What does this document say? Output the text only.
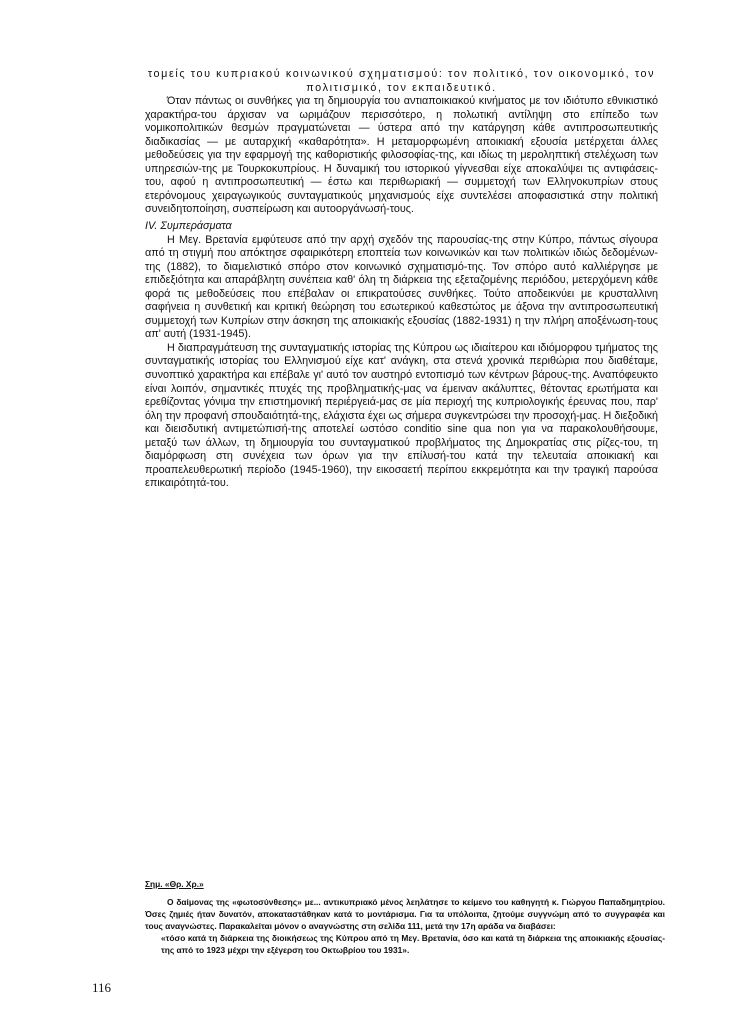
τομείς του κυπριακού κοινωνικού σχηματισμού: τον πολιτικό, τον οικονομικό, τον πολιτισμικό, τον εκπαιδευτικό.

Όταν πάντως οι συνθήκες για τη δημιουργία του αντιαποικιακού κινήματος με τον ιδιότυπο εθνικιστικό χαρακτήρα-του άρχισαν να ωριμάζουν περισσότερο, η πολωτική αντίληψη στο επίπεδο των νομικοπολιτικών θεσμών πραγματώνεται — ύστερα από την κατάργηση κάθε αντιπροσωπευτικής διαδικασίας — με αυταρχική «καθαρότητα». Η μεταμορφωμένη αποικιακή εξουσία μετέρχεται άλλες μεθοδεύσεις για την εφαρμογή της καθοριστικής φιλοσοφίας-της, και ιδίως τη μεροληπτική στελέχωση των υπηρεσιών-της με Τουρκοκυπρίους. Η δυναμική του ιστορικού γίγνεσθαι είχε αποκαλύψει τις αντιφάσεις-του, αφού η αντιπροσωπευτική — έστω και περιθωριακή — συμμετοχή των Ελληνοκυπρίων στους ετερόνομους χειραγωγικούς συνταγματικούς μηχανισμούς είχε συντελέσει αποφασιστικά στην πολιτική συνειδητοποίηση, συσπείρωση και αυτοοργάνωσή-τους.

IV. Συμπεράσματα

Η Μεγ. Βρετανία εμφύτευσε από την αρχή σχεδόν της παρουσίας-της στην Κύπρο, πάντως σίγουρα από τη στιγμή που απόκτησε σφαιρικότερη εποπτεία των κοινωνικών και των πολιτικών ιδιώς δεδομένων-της (1882), το διαμελιστικό σπόρο στον κοινωνικό σχηματισμό-της. Τον σπόρο αυτό καλλιέργησε με επιδεξιότητα και απαράβλητη συνέπεια καθ' όλη τη διάρκεια της εξεταζομένης περιόδου, μετερχόμενη κάθε φορά τις μεθοδεύσεις που επέβαλαν οι επικρατούσες συνθήκες. Τούτο αποδεικνύει με κρυσταλλινη σαφήνεια η συνθετική και κριτική θεώρηση του εσωτερικού καθεστώτος με άξονα την αντιπροσωπευτική συμμετοχή των Κυπρίων στην άσκηση της αποικιακής εξουσίας (1882-1931) η την πλήρη αποξένωση-τους απ' αυτή (1931-1945).

Η διαπραγμάτευση της συνταγματικής ιστορίας της Κύπρου ως ιδιαίτερου και ιδιόμορφου τμήματος της συνταγματικής ιστορίας του Ελληνισμού είχε κατ' ανάγκη, στα στενά χρονικά περιθώρια που διαθέταμε, συνοπτικό χαρακτήρα και επέβαλε γι' αυτό τον αυστηρό εντοπισμό των κέντρων βάρους-της. Αναπόφευκτο είναι λοιπόν, σημαντικές πτυχές της προβληματικής-μας να έμειναν ακάλυπτες, θέτοντας ερωτήματα και ερεθίζοντας γόνιμα την επιστημονική περιέργειά-μας σε μία περιοχή της κυπριολογικής έρευνας που, παρ' όλη την προφανή σπουδαιότητά-της, ελάχιστα έχει ως σήμερα συγκεντρώσει την προσοχή-μας. Η διεξοδική και διεισδυτική αντιμετώπισή-της αποτελεί ωστόσο conditio sine qua non για να παρακολουθήσουμε, μεταξύ των άλλων, τη δημιουργία του συνταγματικού προβλήματος της Δημοκρατίας στις ρίζες-του, τη διαμόρφωση στη συνέχεια των όρων για την επίλυσή-του κατά την τελευταία αποικιακή και προαπελευθερωτική περίοδο (1945-1960), την εικοσαετή περίπου εκκρεμότητα και την τραγική παρούσα επικαιρότητά-του.

Σημ. «Θρ. Χρ.»

Ο δαίμονας της «φωτοσύνθεσης» με... αντικυπριακό μένος λεηλάτησε το κείμενο του καθηγητή κ. Γιώργου Παπαδημητρίου. Όσες ζημιές ήταν δυνατόν, αποκαταστάθηκαν κατά το μοντάρισμα. Για τα υπόλοιπα, ζητούμε συγγνώμη από το συγγραφέα και τους αναγνώστες. Παρακαλείται μόνον ο αναγνώστης στη σελίδα 111, μετά την 17η αράδα να διαβάσει:

«τόσο κατά τη διάρκεια της διοικήσεως της Κύπρου από τη Μεγ. Βρετανία, όσο και κατά τη διάρκεια της αποικιακής εξουσίας-της από το 1923 μέχρι την εξέγερση του Οκτωβρίου του 1931».

116
